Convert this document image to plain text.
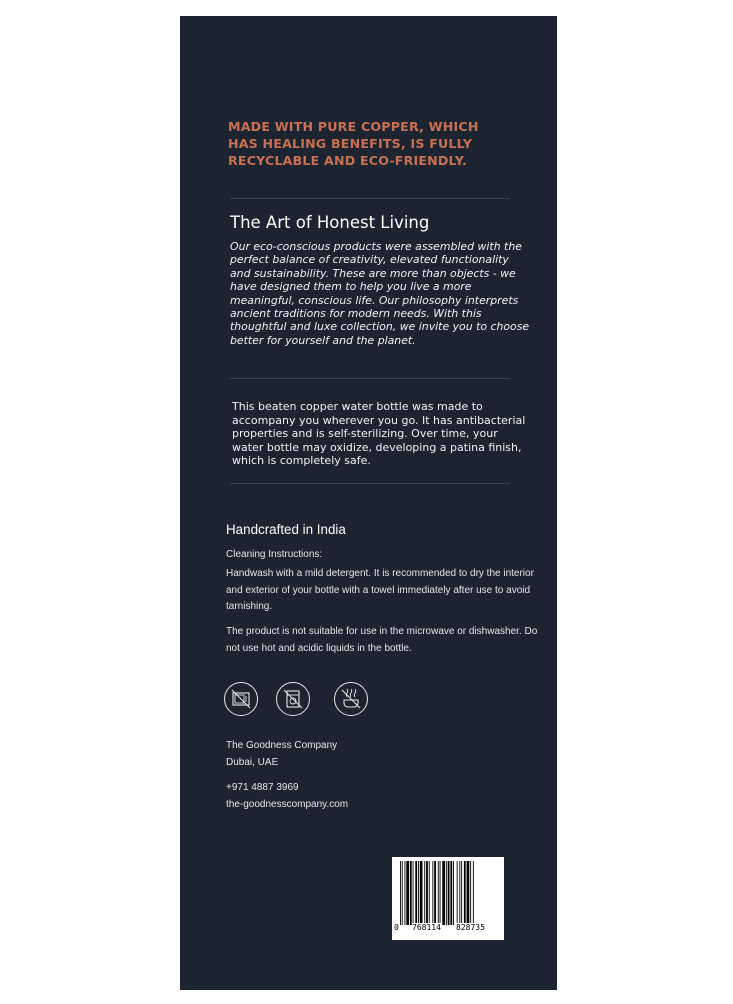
MADE WITH PURE COPPER, WHICH
HAS HEALING BENEFITS, IS FULLY
RECYCLABLE AND ECO-FRIENDLY.
The Art of Honest Living
Our eco-conscious products were assembled with the perfect balance of creativity, elevated functionality and sustainability. These are more than objects - we have designed them to help you live a more meaningful, conscious life. Our philosophy interprets ancient traditions for modern needs. With this thoughtful and luxe collection, we invite you to choose better for yourself and the planet.
This beaten copper water bottle was made to accompany you wherever you go. It has antibacterial properties and is self-sterilizing. Over time, your water bottle may oxidize, developing a patina finish, which is completely safe.
Handcrafted in India
Cleaning Instructions:
Handwash with a mild detergent. It is recommended to dry the interior and exterior of your bottle with a towel immediately after use to avoid tarnishing.
The product is not suitable for use in the microwave or dishwasher. Do not use hot and acidic liquids in the bottle.
The Goodness Company
Dubai, UAE
+971 4887 3969
the-goodnesscompany.com
0 768114 828735
